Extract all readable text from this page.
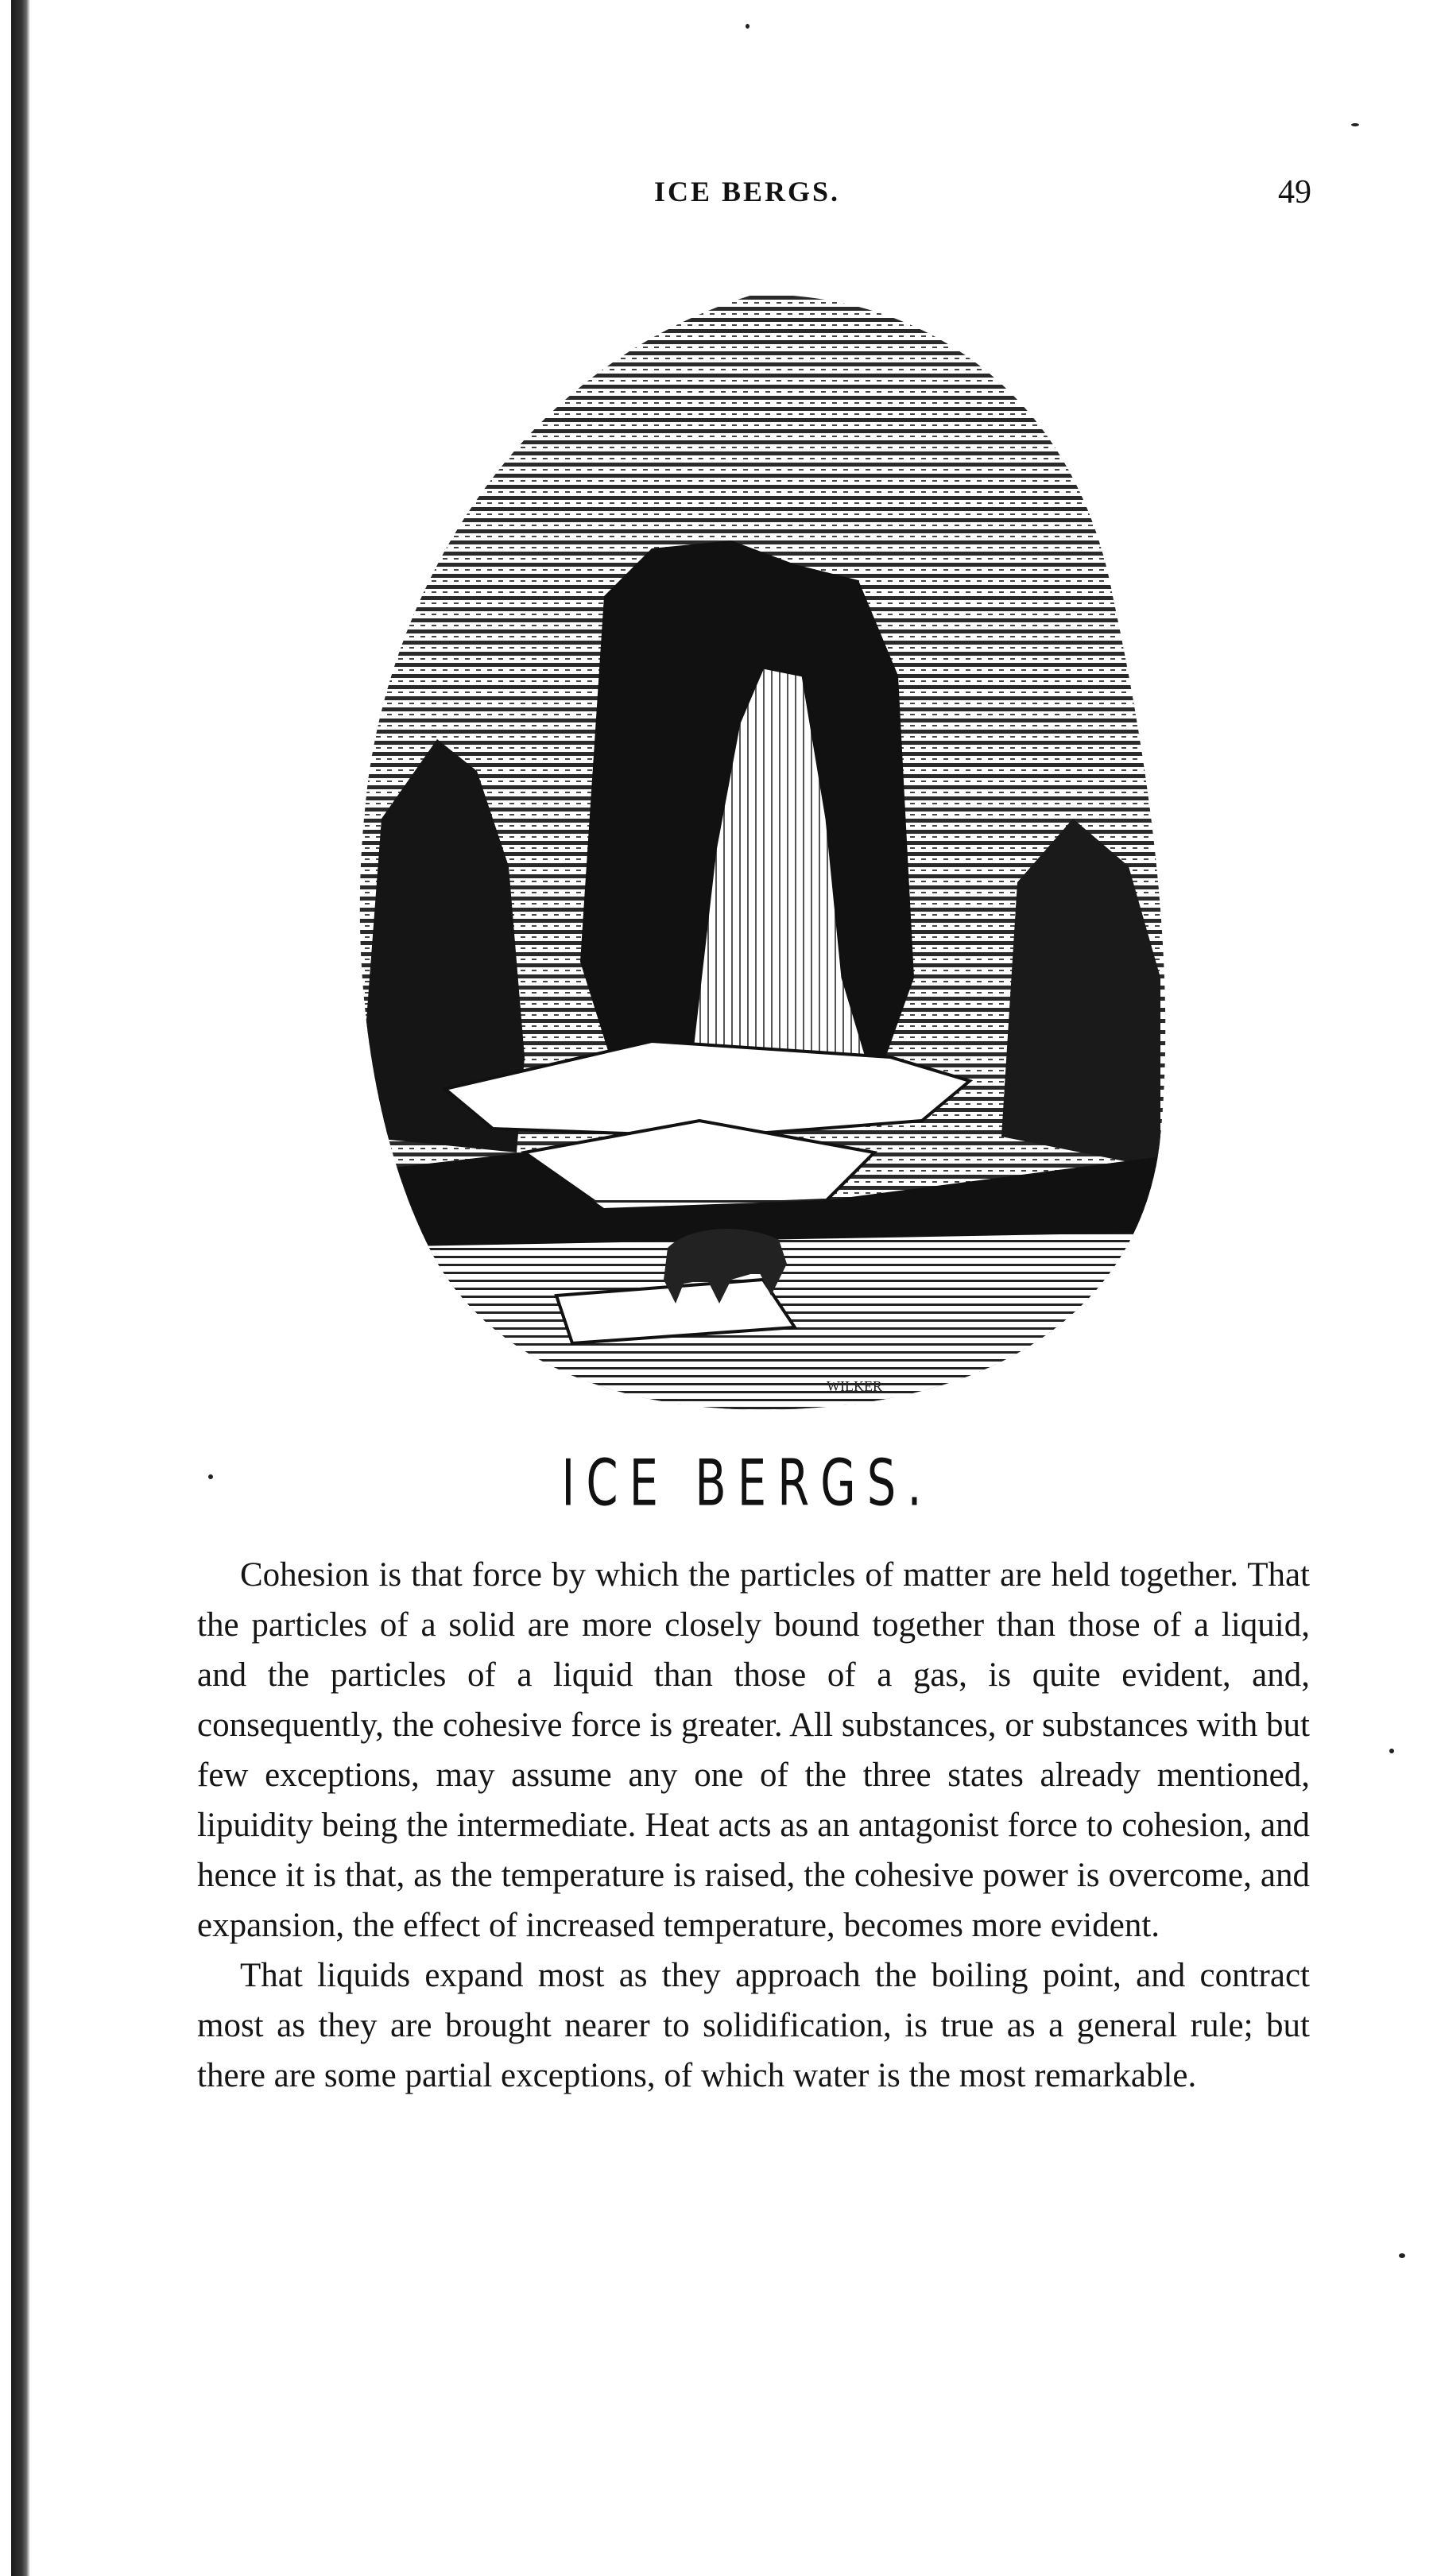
ICE BERGS.	49
WILKER
ICE BERGS.

Cohesion is that force by which the particles of matter are held together. That the particles of a solid are more closely bound together than those of a liquid, and the particles of a liquid than those of a gas, is quite evident, and, consequently, the cohesive force is greater. All substances, or substances with but few exceptions, may assume any one of the three states already mentioned, lipuidity being the intermediate. Heat acts as an antagonist force to cohesion, and hence it is that, as the temperature is raised, the cohesive power is overcome, and expansion, the effect of increased temperature, becomes more evident.

That liquids expand most as they approach the boiling point, and contract most as they are brought nearer to solidification, is true as a general rule; but there are some partial exceptions, of which water is the most remarkable.
